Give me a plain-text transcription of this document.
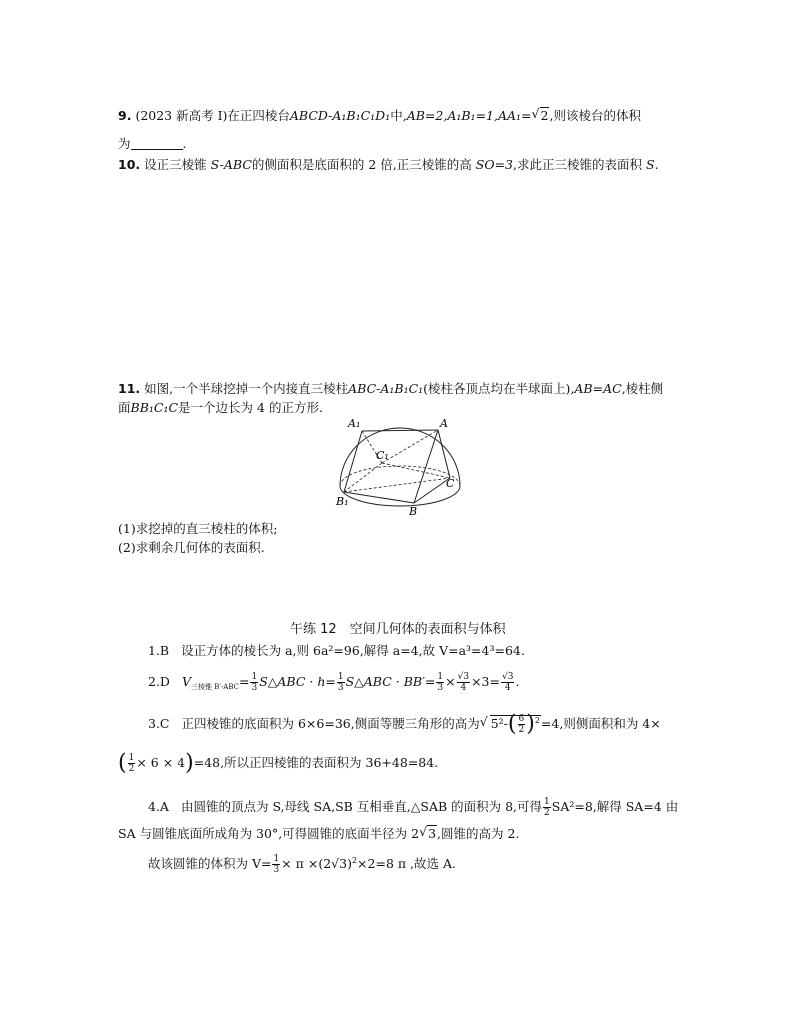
9. (2023 新高考 Ⅰ)在正四棱台ABCD-A₁B₁C₁D₁中,AB=2,A₁B₁=1,AA₁= √ 2,则该棱台的体积
为	.
10. 设正三棱锥 S-ABC的侧面积是底面积的 2 倍,正三棱锥的高 SO=3,求此正三棱锥的表面积 S.
11. 如图,一个半球挖掉一个内接直三棱柱ABC-A₁B₁C₁(棱柱各顶点均在半球面上),AB=AC,棱柱侧
面BB₁C₁C是一个边长为 4 的正方形.
A₁	A
C₁
C
B₁
B
(1)求挖掉的直三棱柱的体积;
(2)求剩余几何体的表面积.
午练 12　空间几何体的表面积与体积
1.B 设正方体的棱长为 a,则 6a²=96,解得 a=4,故 V=a³=4³=64.
2.D $V_{三棱锥 B'-ABC}= \frac{1}{3}$ S△ABC · $h= \frac{1}{3}$ S△ABC · $BB'= \frac{1}{3} \times \frac{√3}{4} \times 3= \frac{√3}{4}$ .
3.C 正四棱锥的底面积为 6×6=36,侧面等腰三角形的高为 √ $5^2-( \frac{6}{2} )^2=4$,则侧面积和为 4×
( $\frac{1}{2} \times 6 \times 4)=48$,所以正四棱锥的表面积为 36+48=84.
4.A 由圆锥的顶点为 S,母线 SA,SB 互相垂直,△SAB 的面积为 8,可得 $\frac{1}{2} SA^2=8$,解得 SA=4 由
SA 与圆锥底面所成角为 30°,可得圆锥的底面半径为 2 √ 3,圆锥的高为 2.
故该圆锥的体积为 $V= \frac{1}{3} \times \pi \times(2√3)^2\times 2=8$ π ,故选 A.
